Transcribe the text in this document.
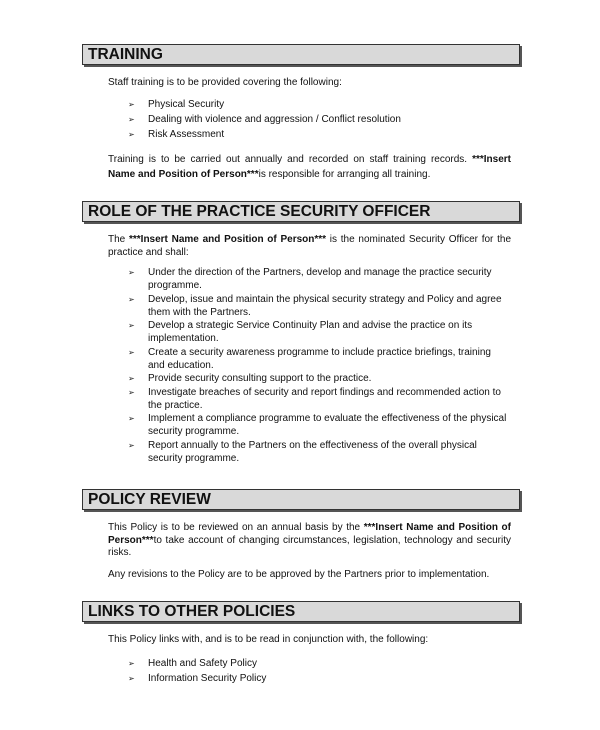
TRAINING
Staff training is to be provided covering the following:
➢ Physical Security
➢ Dealing with violence and aggression / Conflict resolution
➢ Risk Assessment
Training is to be carried out annually and recorded on staff training records. ***Insert Name and Position of Person***is responsible for arranging all training.
ROLE OF THE PRACTICE SECURITY OFFICER
The ***Insert Name and Position of Person*** is the nominated Security Officer for the practice and shall:
➢ Under the direction of the Partners, develop and manage the practice security programme.
➢ Develop, issue and maintain the physical security strategy and Policy and agree them with the Partners.
➢ Develop a strategic Service Continuity Plan and advise the practice on its implementation.
➢ Create a security awareness programme to include practice briefings, training and education.
➢ Provide security consulting support to the practice.
➢ Investigate breaches of security and report findings and recommended action to the practice.
➢ Implement a compliance programme to evaluate the effectiveness of the physical security programme.
➢ Report annually to the Partners on the effectiveness of the overall physical security programme.
POLICY REVIEW
This Policy is to be reviewed on an annual basis by the ***Insert Name and Position of Person***to take account of changing circumstances, legislation, technology and security risks.
Any revisions to the Policy are to be approved by the Partners prior to implementation.
LINKS TO OTHER POLICIES
This Policy links with, and is to be read in conjunction with, the following:
➢ Health and Safety Policy
➢ Information Security Policy
